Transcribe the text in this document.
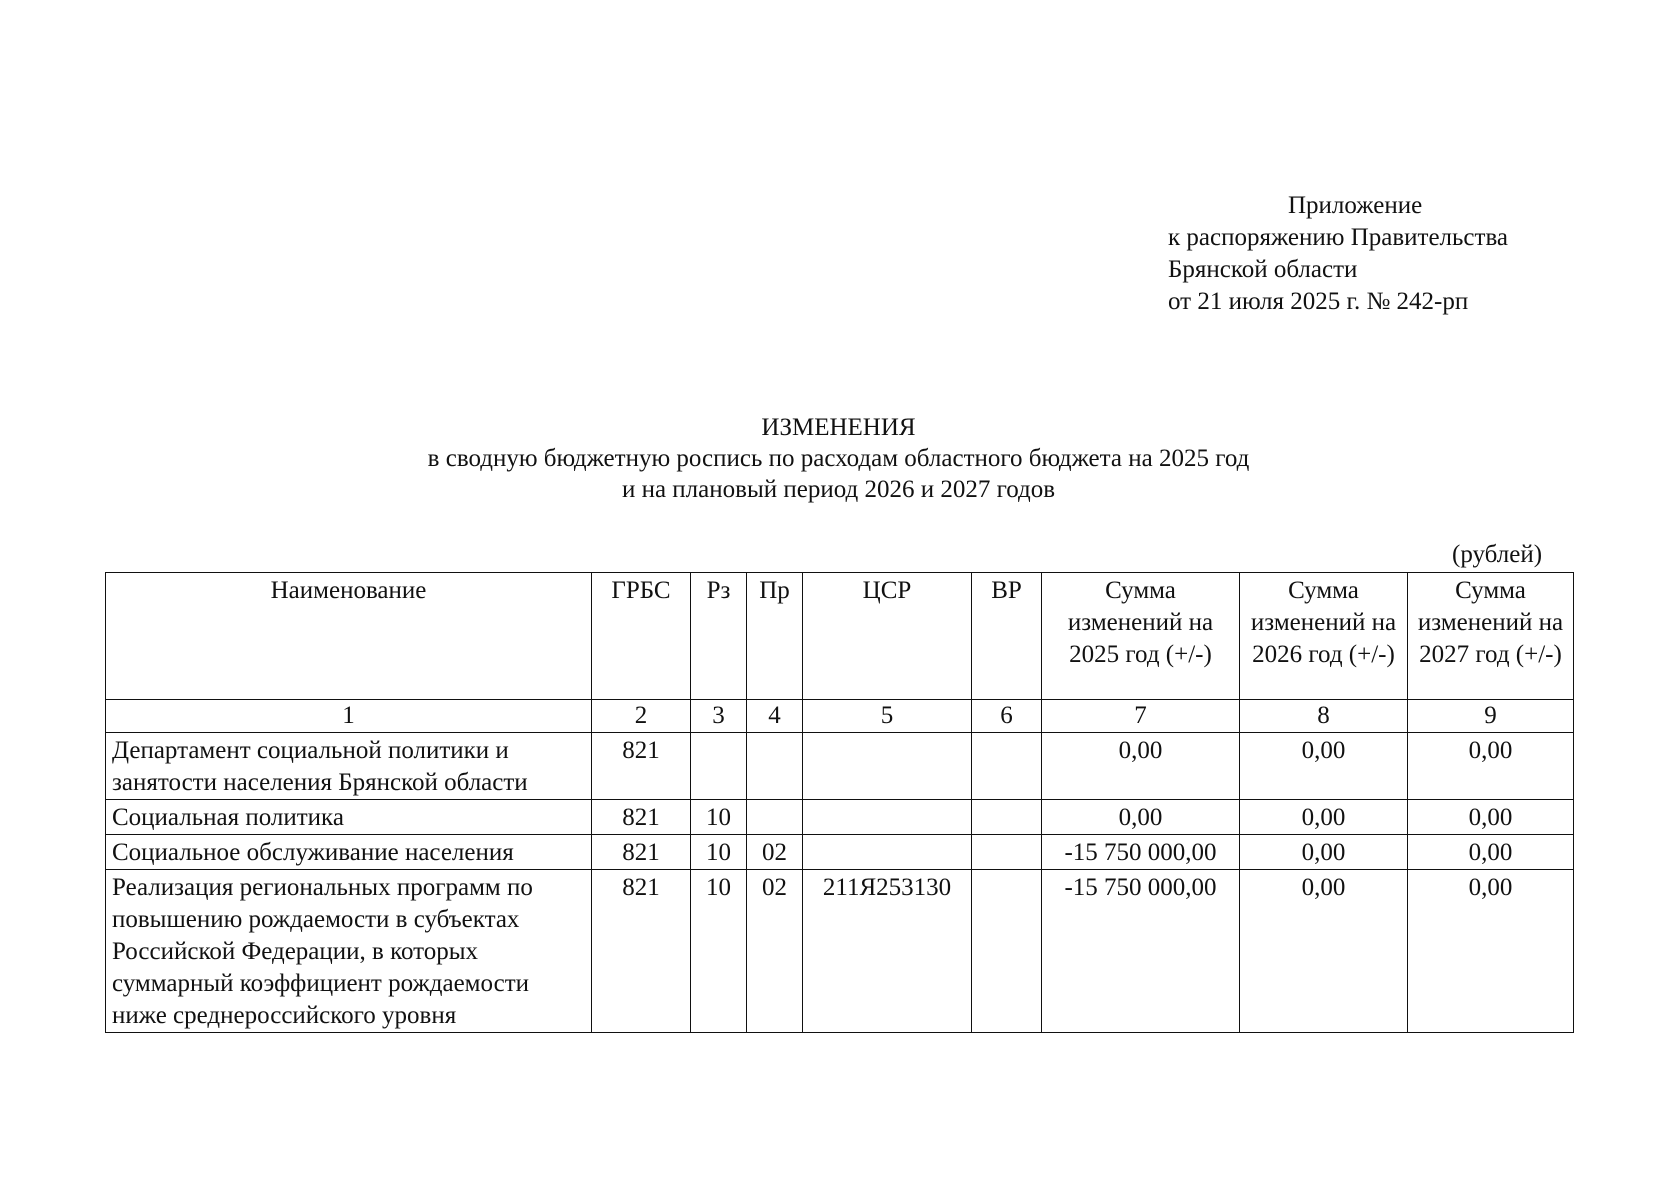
Приложение
к распоряжению Правительства
Брянской области
от 21 июля 2025 г. № 242-рп
ИЗМЕНЕНИЯ
в сводную бюджетную роспись по расходам областного бюджета на 2025 год
и на плановый период 2026 и 2027 годов
(рублей)
Наименование	ГРБС	Рз	Пр	ЦСР	ВР	Сумма изменений на 2025 год (+/-)	Сумма изменений на 2026 год (+/-)	Сумма изменений на 2027 год (+/-)
1	2	3	4	5	6	7	8	9
Департамент социальной политики и занятости населения Брянской области	821					0,00	0,00	0,00
Социальная политика	821	10				0,00	0,00	0,00
Социальное обслуживание населения	821	10	02			-15 750 000,00	0,00	0,00
Реализация региональных программ по повышению рождаемости в субъектах Российской Федерации, в которых суммарный коэффициент рождаемости ниже среднероссийского уровня	821	10	02	211Я253130		-15 750 000,00	0,00	0,00
